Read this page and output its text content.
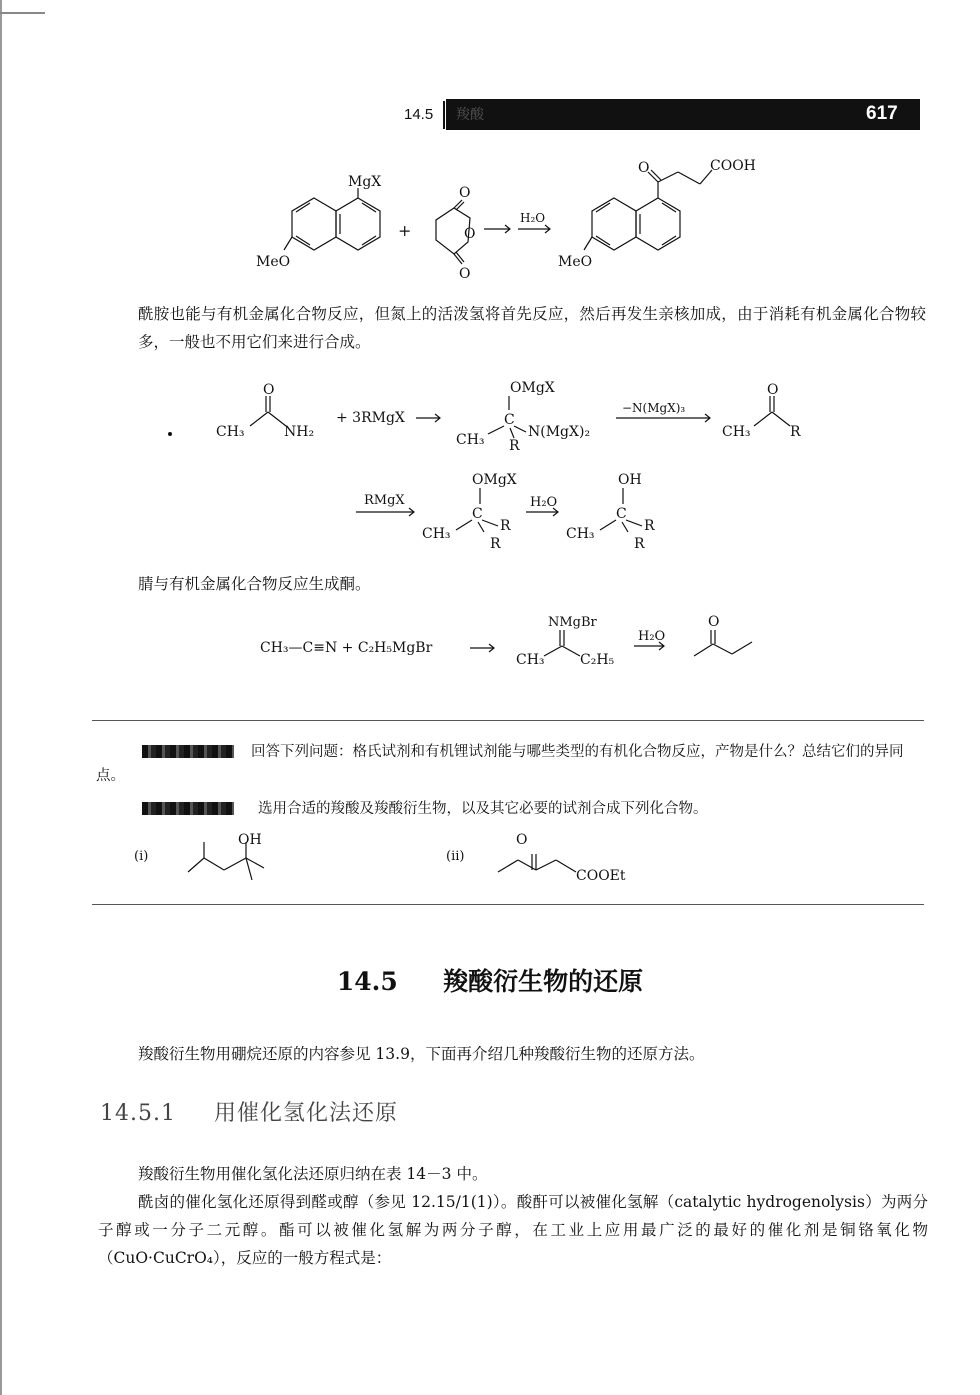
14.5 羧酸	617
MgX
MeO
+
O
O
O
H₂O
O	COOH
MeO
酰胺也能与有机金属化合物反应，但氮上的活泼氢将首先反应，然后再发生亲核加成，由于消耗有机金属化合物较多，一般也不用它们来进行合成。
O
CH₃	NH₂
+ 3RMgX
OMgX
C
CH₃	N(MgX)₂
R
−N(MgX)₃
O
CH₃	R
RMgX
OMgX
C
CH₃	R
R
H₂O
OH
C
CH₃	R
R
腈与有机金属化合物反应生成酮。
CH₃—C≡N + C₂H₅MgBr
NMgBr
CH₃	C₂H₅
H₂O
O
回答下列问题：格氏试剂和有机锂试剂能与哪些类型的有机化合物反应，产物是什么？总结它们的异同点。
选用合适的羧酸及羧酸衍生物，以及其它必要的试剂合成下列化合物。
(i)
OH
(ii)
O
COOEt
14.5 羧酸衍生物的还原
羧酸衍生物用硼烷还原的内容参见 13.9，下面再介绍几种羧酸衍生物的还原方法。
14.5.1 用催化氢化法还原
羧酸衍生物用催化氢化法还原归纳在表 14－3 中。
酰卤的催化氢化还原得到醛或醇（参见 12.15/1(1)）。酸酐可以被催化氢解（catalytic hydrogenolysis）为两分子醇或一分子二元醇。酯可以被催化氢解为两分子醇，在工业上应用最广泛的最好的催化剂是铜铬氧化物（CuO·CuCrO₄），反应的一般方程式是：
